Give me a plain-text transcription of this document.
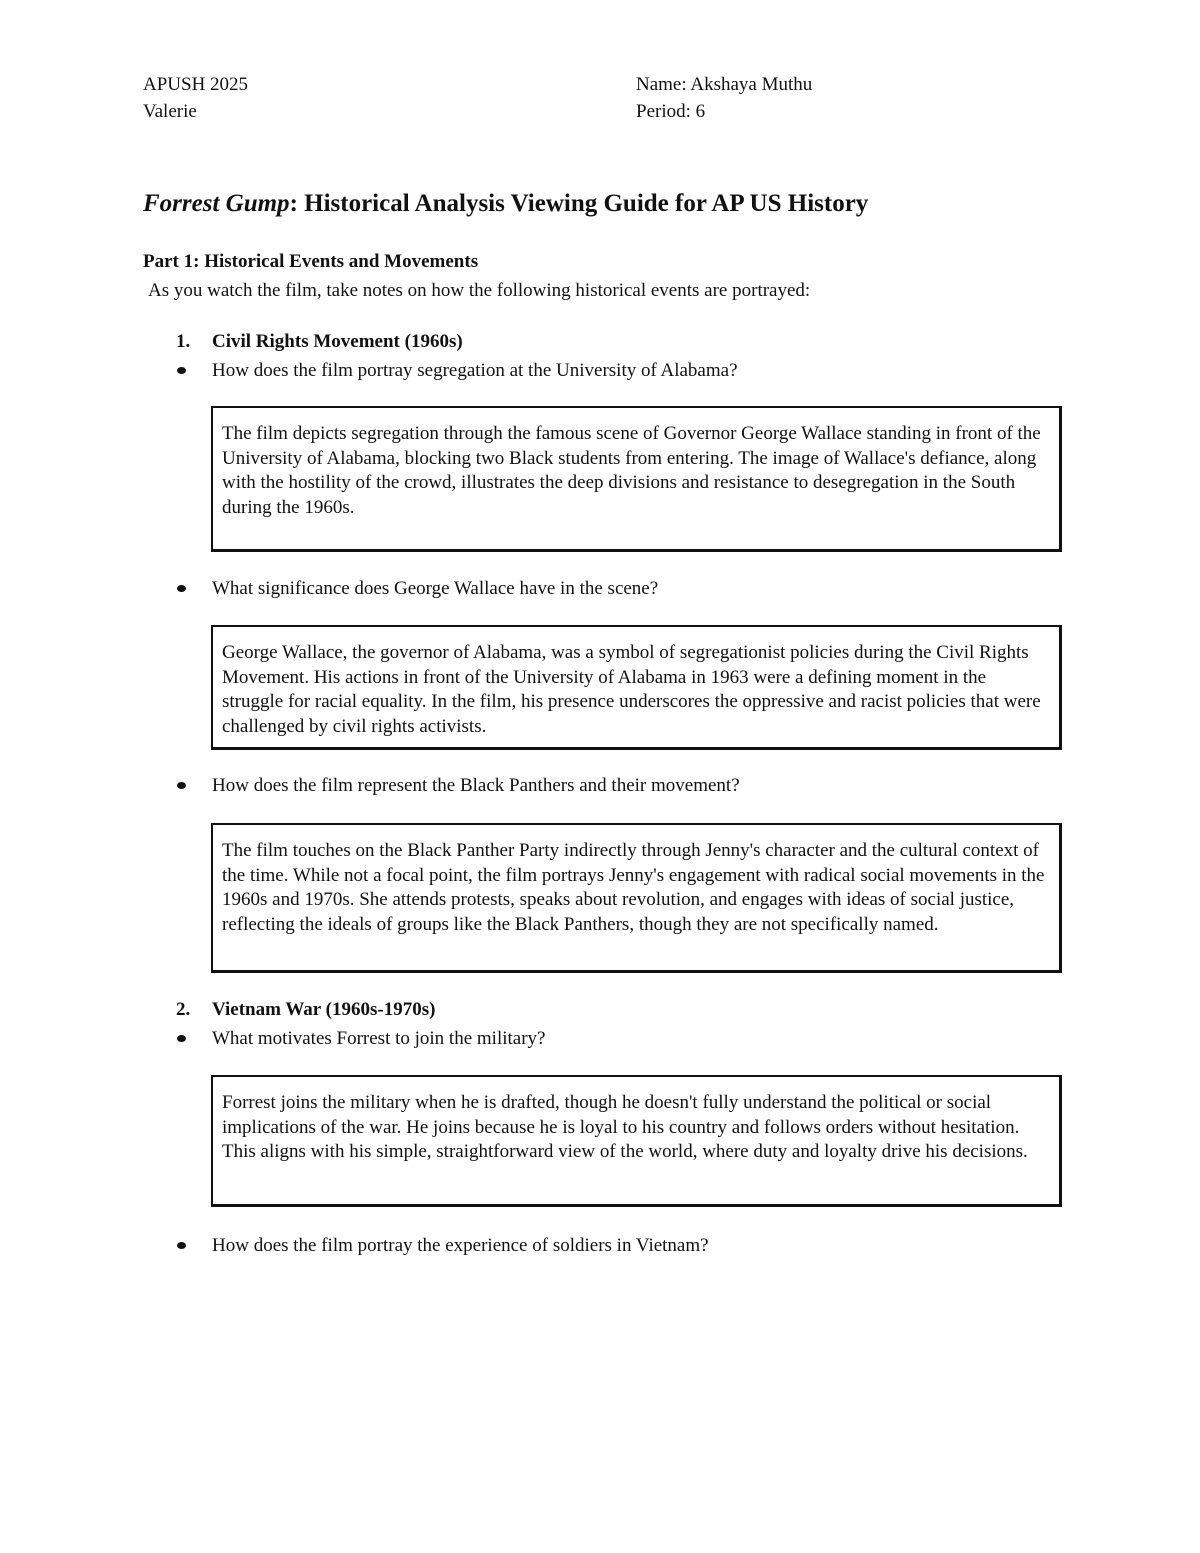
APUSH 2025
Valerie
Name: Akshaya Muthu
Period: 6
Forrest Gump: Historical Analysis Viewing Guide for AP US History
Part 1: Historical Events and Movements
As you watch the film, take notes on how the following historical events are portrayed:
1. Civil Rights Movement (1960s)
How does the film portray segregation at the University of Alabama?

The film depicts segregation through the famous scene of Governor George Wallace standing in front of the University of Alabama, blocking two Black students from entering. The image of Wallace's defiance, along with the hostility of the crowd, illustrates the deep divisions and resistance to desegregation in the South during the 1960s.

What significance does George Wallace have in the scene?

George Wallace, the governor of Alabama, was a symbol of segregationist policies during the Civil Rights Movement. His actions in front of the University of Alabama in 1963 were a defining moment in the struggle for racial equality. In the film, his presence underscores the oppressive and racist policies that were challenged by civil rights activists.

How does the film represent the Black Panthers and their movement?

The film touches on the Black Panther Party indirectly through Jenny's character and the cultural context of the time. While not a focal point, the film portrays Jenny's engagement with radical social movements in the 1960s and 1970s. She attends protests, speaks about revolution, and engages with ideas of social justice, reflecting the ideals of groups like the Black Panthers, though they are not specifically named.

2. Vietnam War (1960s-1970s)
What motivates Forrest to join the military?

Forrest joins the military when he is drafted, though he doesn't fully understand the political or social implications of the war. He joins because he is loyal to his country and follows orders without hesitation. This aligns with his simple, straightforward view of the world, where duty and loyalty drive his decisions.

How does the film portray the experience of soldiers in Vietnam?
